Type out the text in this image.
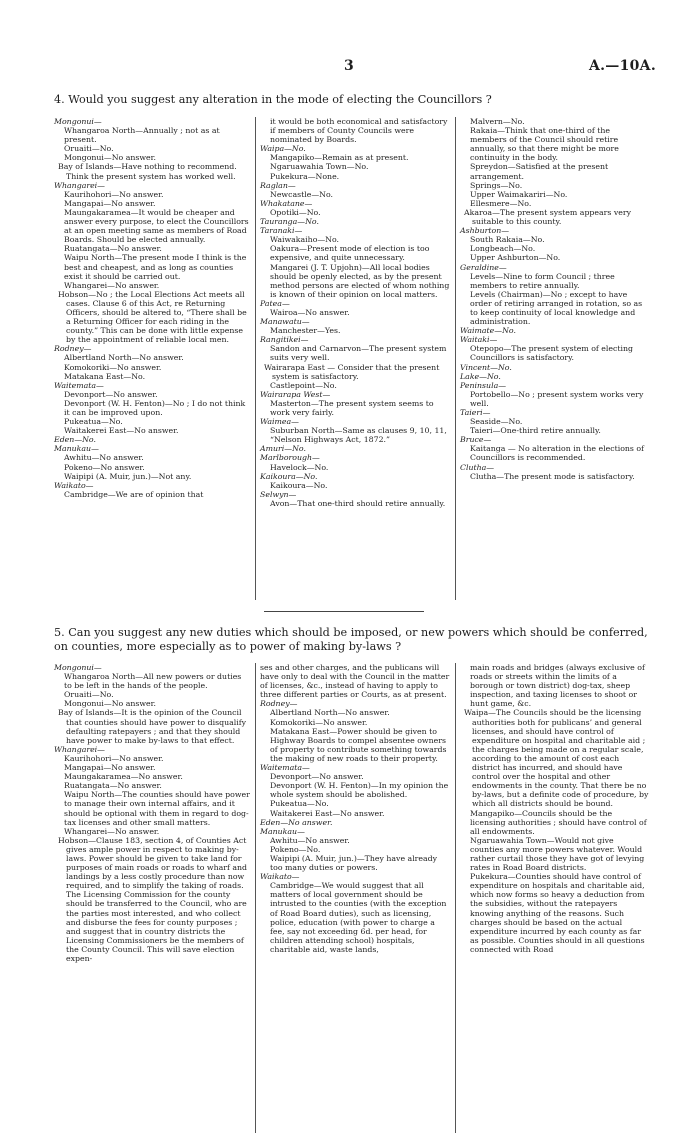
3	A.—10A.
4. Would you suggest any alteration in the mode of electing the Councillors ?
Mongonui—
Whangaroa North—Annually ; not as at present.
Oruaiti—No.
Mongonui—No answer.
Bay of Islands—Have nothing to recommend. Think the present system has worked well.
Whangarei—
Kaurihohori—No answer.
Mangapai—No answer.
Maungakaramea—It would be cheaper and answer every purpose, to elect the Councillors at an open meeting same as members of Road Boards. Should be elected annually.
Ruatangata—No answer.
Waipu North—The present mode I think is the best and cheapest, and as long as counties exist it should be carried out.
Whangarei—No answer.
Hobson—No ; the Local Elections Act meets all cases. Clause 6 of this Act, re Returning Officers, should be altered to, “There shall be a Returning Officer for each riding in the county.” This can be done with little expense by the appointment of reliable local men.
Rodney—
Albertland North—No answer.
Komokoriki—No answer.
Matakana East—No.
Waitemata—
Devonport—No answer.
Devonport (W. H. Fenton)—No ; I do not think it can be improved upon.
Pukeatua—No.
Waitakerei East—No answer.
Eden—No.
Manukau—
Awhitu—No answer.
Pokeno—No answer.
Waipipi (A. Muir, jun.)—Not any.
Waikato—
Cambridge—We are of opinion that
it would be both economical and satisfactory if members of County Councils were nominated by Boards.
Waipa—No.
Mangapiko—Remain as at present.
Ngaruawahia Town—No.
Pukekura—None.
Raglan—
Newcastle—No.
Whakatane—
Opotiki—No.
Tauranga—No.
Taranaki—
Waiwakaiho—No.
Oakura—Present mode of election is too expensive, and quite unnecessary.
Mangarei (J. T. Upjohn)—All local bodies should be openly elected, as by the present method persons are elected of whom nothing is known of their opinion on local matters.
Patea—
Wairoa—No answer.
Manawatu—
Manchester—Yes.
Rangitikei—
Sandon and Carnarvon—The present system suits very well.
Wairarapa East — Consider that the present system is satisfactory.
Castlepoint—No.
Wairarapa West—
Masterton—The present system seems to work very fairly.
Waimea—
Suburban North—Same as clauses 9, 10, 11, “Nelson Highways Act, 1872.”
Amuri—No.
Marlborough—
Havelock—No.
Kaikoura—No.
Kaikoura—No.
Selwyn—
Avon—That one-third should retire annually.
Malvern—No.
Rakaia—Think that one-third of the members of the Council should retire annually, so that there might be more continuity in the body.
Spreydon—Satisfied at the present arrangement.
Springs—No.
Upper Waimakariri—No.
Ellesmere—No.
Akaroa—The present system appears very suitable to this county.
Ashburton—
South Rakaia—No.
Longbeach—No.
Upper Ashburton—No.
Geraldine—
Levels—Nine to form Council ; three members to retire annually.
Levels (Chairman)—No ; except to have order of retiring arranged in rotation, so as to keep continuity of local knowledge and administration.
Waimate—No.
Waitaki—
Otepopo—The present system of electing Councillors is satisfactory.
Vincent—No.
Lake—No.
Peninsula—
Portobello—No ; present system works very well.
Taieri—
Seaside—No.
Taieri—One-third retire annually.
Bruce—
Kaitanga — No alteration in the elections of Councillors is recommended.
Clutha—
Clutha—The present mode is satisfactory.
5. Can you suggest any new duties which should be imposed, or new powers which should be conferred, on counties, more especially as to power of making by-laws ?
Mongonui—
Whangaroa North—All new powers or duties to be left in the hands of the people.
Oruaiti—No.
Mongonui—No answer.
Bay of Islands—It is the opinion of the Council that counties should have power to disqualify defaulting ratepayers ; and that they should have power to make by-laws to that effect.
Whangarei—
Kaurihohori—No answer.
Mangapai—No answer.
Maungakaramea—No answer.
Ruatangata—No answer.
Waipu North—The counties should have power to manage their own internal affairs, and it should be optional with them in regard to dog-tax licenses and other small matters.
Whangarei—No answer.
Hobson—Clause 183, section 4, of Counties Act gives ample power in respect to making by-laws. Power should be given to take land for purposes of main roads or roads to wharf and landings by a less costly procedure than now required, and to simplify the taking of roads. The Licensing Commission for the county should be transferred to the Council, who are the parties most interested, and who collect and disburse the fees for county purposes ; and suggest that in country districts the Licensing Commissioners be the members of the County Council. This will save election expen-
ses and other charges, and the publicans will have only to deal with the Council in the matter of licenses, &c., instead of having to apply to three different parties or Courts, as at present.
Rodney—
Albertland North—No answer.
Komokoriki—No answer.
Matakana East—Power should be given to Highway Boards to compel absentee owners of property to contribute something towards the making of new roads to their property.
Waitemata—
Devonport—No answer.
Devonport (W. H. Fenton)—In my opinion the whole system should be abolished.
Pukeatua—No.
Waitakerei East—No answer.
Eden—No answer.
Manukau—
Awhitu—No answer.
Pokeno—No.
Waipipi (A. Muir, jun.)—They have already too many duties or powers.
Waikato—
Cambridge—We would suggest that all matters of local government should be intrusted to the counties (with the exception of Road Board duties), such as licensing, police, education (with power to charge a fee, say not exceeding 6d. per head, for children attending school) hospitals, charitable aid, waste lands,
main roads and bridges (always exclusive of roads or streets within the limits of a borough or town district) dog-tax, sheep inspection, and taxing licenses to shoot or hunt game, &c.
Waipa—The Councils should be the licensing authorities both for publicans’ and general licenses, and should have control of expenditure on hospital and charitable aid ; the charges being made on a regular scale, according to the amount of cost each district has incurred, and should have control over the hospital and other endowments in the county. That there be no by-laws, but a definite code of procedure, by which all districts should be bound.
Mangapiko—Councils should be the licensing authorities ; should have control of all endowments.
Ngaruawahia Town—Would not give counties any more powers whatever. Would rather curtail those they have got of levying rates in Road Board districts.
Pukekura—Counties should have control of expenditure on hospitals and charitable aid, which now forms so heavy a deduction from the subsidies, without the ratepayers knowing anything of the reasons. Such charges should be based on the actual expenditure incurred by each county as far as possible. Counties should in all questions connected with Road
